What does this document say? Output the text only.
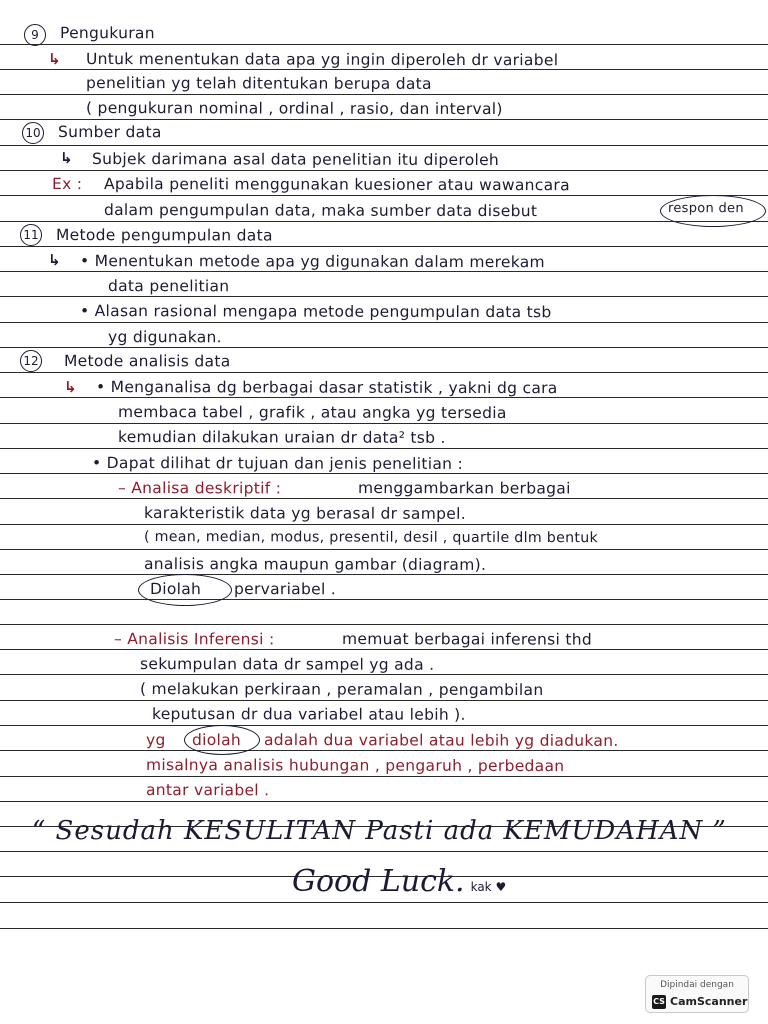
9	Pengukuran
↳ Untuk menentukan data apa yg ingin diperoleh dr variabel
penelitian yg telah ditentukan berupa data
( pengukuran nominal , ordinal , rasio, dan interval)
10 Sumber data
↳ Subjek darimana asal data penelitian itu diperoleh
Ex : Apabila peneliti menggunakan kuesioner atau wawancara
dalam pengumpulan data, maka sumber data disebut	respon den
11 Metode pengumpulan data
↳ • Menentukan metode apa yg digunakan dalam merekam
data penelitian
• Alasan rasional mengapa metode pengumpulan data tsb
yg digunakan.
12 Metode analisis data
↳ • Menganalisa dg berbagai dasar statistik , yakni dg cara
membaca tabel , grafik , atau angka yg tersedia
kemudian dilakukan uraian dr data² tsb .
• Dapat dilihat dr tujuan dan jenis penelitian :
– Analisa deskriptif :	menggambarkan berbagai
karakteristik data yg berasal dr sampel.
( mean, median, modus, presentil, desil , quartile dlm bentuk
analisis angka maupun gambar (diagram).
Diolah pervariabel .
– Analisis Inferensi :	memuat berbagai inferensi thd
sekumpulan data dr sampel yg ada .
( melakukan perkiraan , peramalan , pengambilan
keputusan dr dua variabel atau lebih ).
yg diolah adalah dua variabel atau lebih yg diadukan.
misalnya analisis hubungan , pengaruh , perbedaan
antar variabel .
“ Sesudah KESULITAN Pasti ada KEMUDAHAN ”
Good Luck. kak ♥
Dipindai dengan
CS CamScanner
